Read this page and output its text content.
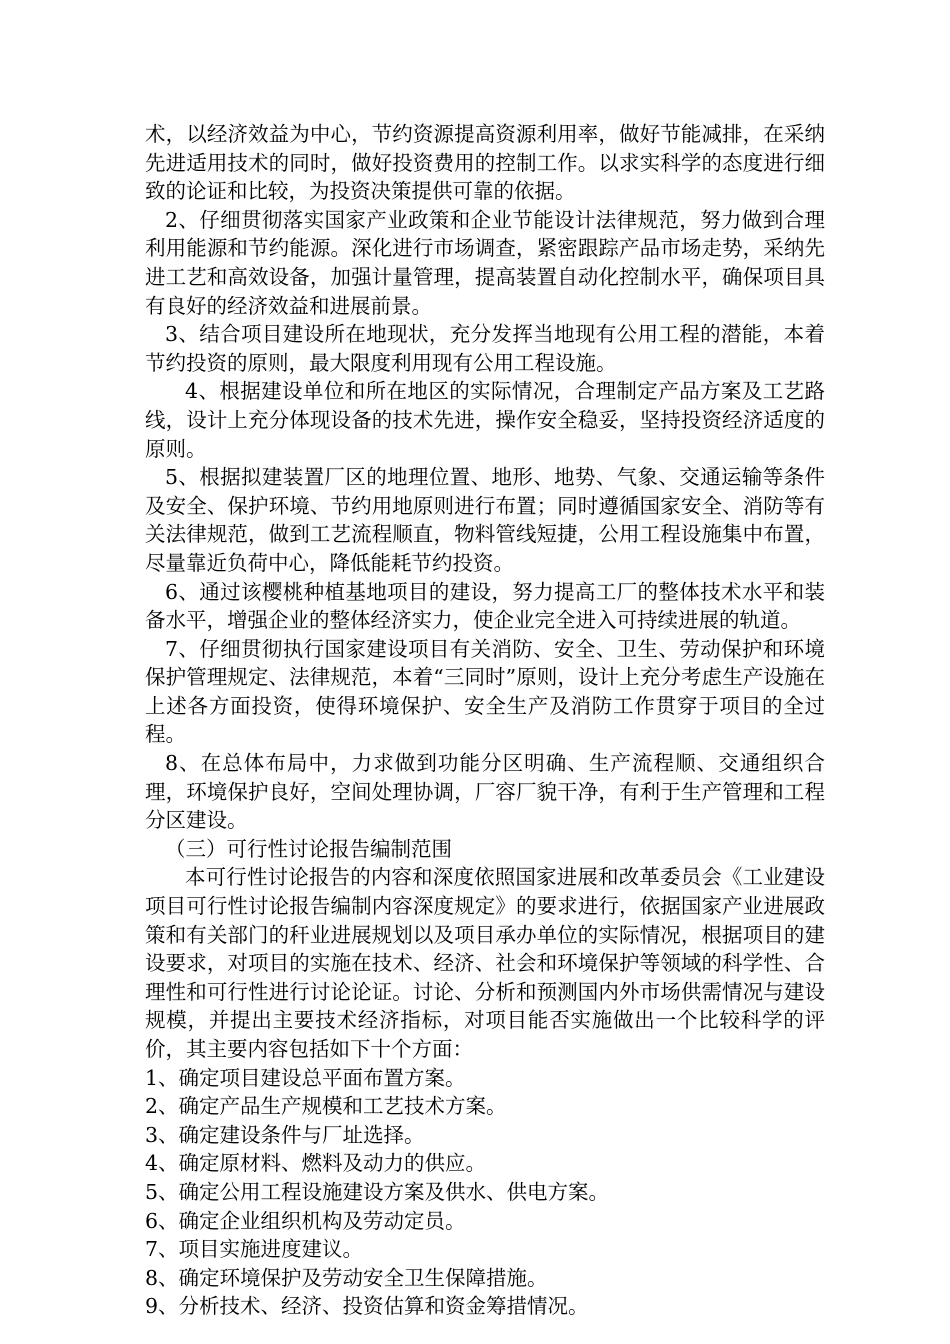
术，以经济效益为中心，节约资源提高资源利用率，做好节能减排，在采纳先进适用技术的同时，做好投资费用的控制工作。以求实科学的态度进行细致的论证和比较，为投资决策提供可靠的依据。

2、仔细贯彻落实国家产业政策和企业节能设计法律规范，努力做到合理利用能源和节约能源。深化进行市场调查，紧密跟踪产品市场走势，采纳先进工艺和高效设备，加强计量管理，提高装置自动化控制水平，确保项目具有良好的经济效益和进展前景。

3、结合项目建设所在地现状，充分发挥当地现有公用工程的潜能，本着节约投资的原则，最大限度利用现有公用工程设施。

4、根据建设单位和所在地区的实际情况，合理制定产品方案及工艺路线，设计上充分体现设备的技术先进，操作安全稳妥，坚持投资经济适度的原则。

5、根据拟建装置厂区的地理位置、地形、地势、气象、交通运输等条件及安全、保护环境、节约用地原则进行布置；同时遵循国家安全、消防等有关法律规范，做到工艺流程顺直，物料管线短捷，公用工程设施集中布置，尽量靠近负荷中心，降低能耗节约投资。

6、通过该樱桃种植基地项目的建设，努力提高工厂的整体技术水平和装备水平，增强企业的整体经济实力，使企业完全进入可持续进展的轨道。

7、仔细贯彻执行国家建设项目有关消防、安全、卫生、劳动保护和环境保护管理规定、法律规范，本着“三同时”原则，设计上充分考虑生产设施在上述各方面投资，使得环境保护、安全生产及消防工作贯穿于项目的全过程。

8、在总体布局中，力求做到功能分区明确、生产流程顺、交通组织合理，环境保护良好，空间处理协调，厂容厂貌干净，有利于生产管理和工程分区建设。

（三）可行性讨论报告编制范围

本可行性讨论报告的内容和深度依照国家进展和改革委员会《工业建设项目可行性讨论报告编制内容深度规定》的要求进行，依据国家产业进展政策和有关部门的秆业进展规划以及项目承办单位的实际情况，根据项目的建设要求，对项目的实施在技术、经济、社会和环境保护等领域的科学性、合理性和可行性进行讨论论证。讨论、分析和预测国内外市场供需情况与建设规模，并提出主要技术经济指标，对项目能否实施做出一个比较科学的评价，其主要内容包括如下十个方面：

1、确定项目建设总平面布置方案。

2、确定产品生产规模和工艺技术方案。

3、确定建设条件与厂址选择。

4、确定原材料、燃料及动力的供应。

5、确定公用工程设施建设方案及供水、供电方案。

6、确定企业组织机构及劳动定员。

7、项目实施进度建议。

8、确定环境保护及劳动安全卫生保障措施。

9、分析技术、经济、投资估算和资金筹措情况。
